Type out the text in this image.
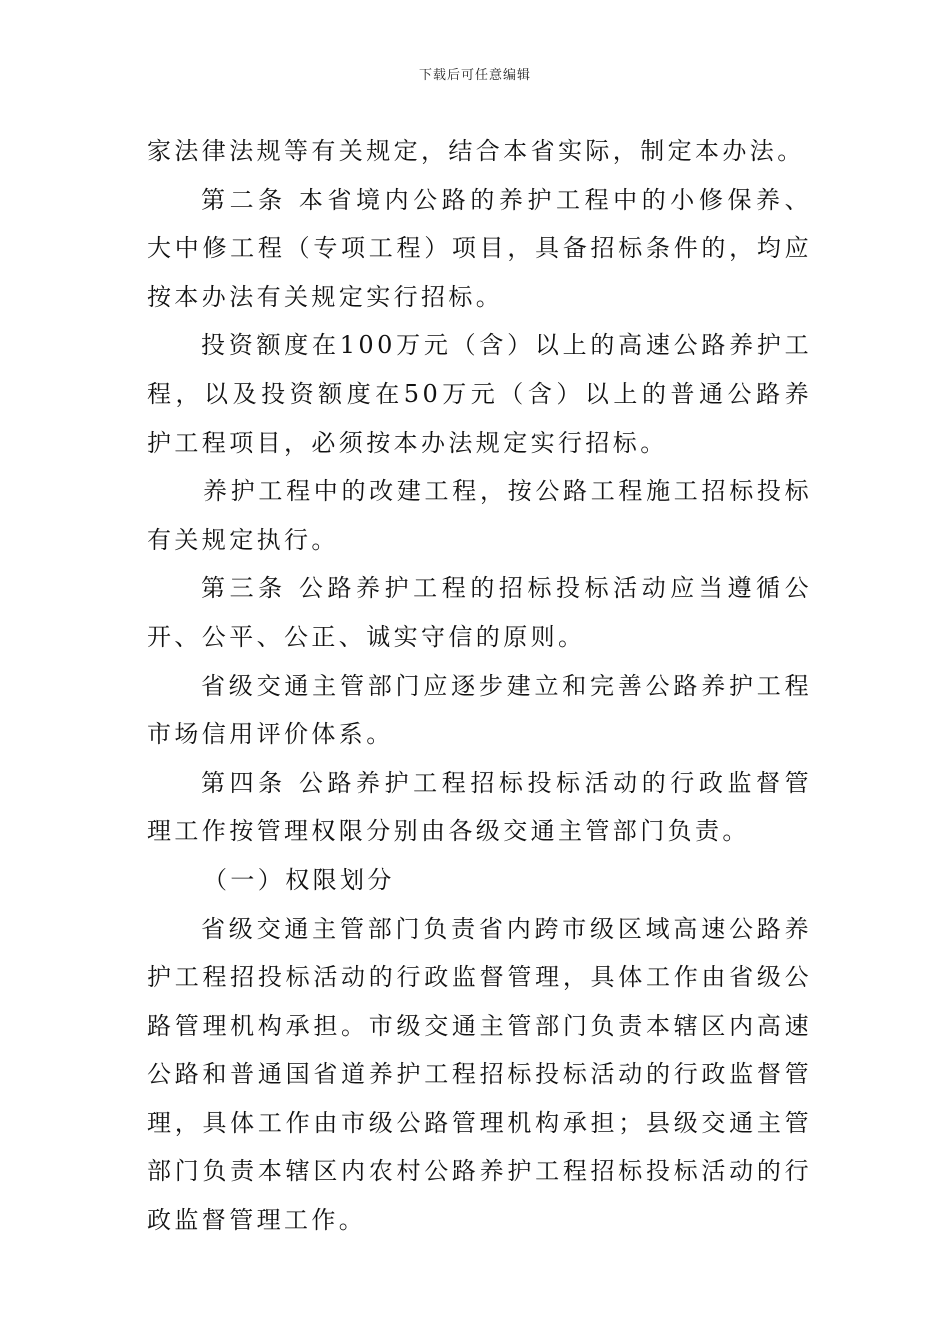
下载后可任意编辑

家法律法规等有关规定，结合本省实际，制定本办法。

第二条 本省境内公路的养护工程中的小修保养、大中修工程（专项工程）项目，具备招标条件的，均应按本办法有关规定实行招标。

投资额度在100万元（含）以上的高速公路养护工程，以及投资额度在50万元（含）以上的普通公路养护工程项目，必须按本办法规定实行招标。

养护工程中的改建工程，按公路工程施工招标投标有关规定执行。

第三条 公路养护工程的招标投标活动应当遵循公开、公平、公正、诚实守信的原则。

省级交通主管部门应逐步建立和完善公路养护工程市场信用评价体系。

第四条 公路养护工程招标投标活动的行政监督管理工作按管理权限分别由各级交通主管部门负责。

（一）权限划分

省级交通主管部门负责省内跨市级区域高速公路养护工程招投标活动的行政监督管理，具体工作由省级公路管理机构承担。市级交通主管部门负责本辖区内高速公路和普通国省道养护工程招标投标活动的行政监督管理，具体工作由市级公路管理机构承担；县级交通主管部门负责本辖区内农村公路养护工程招标投标活动的行政监督管理工作。
